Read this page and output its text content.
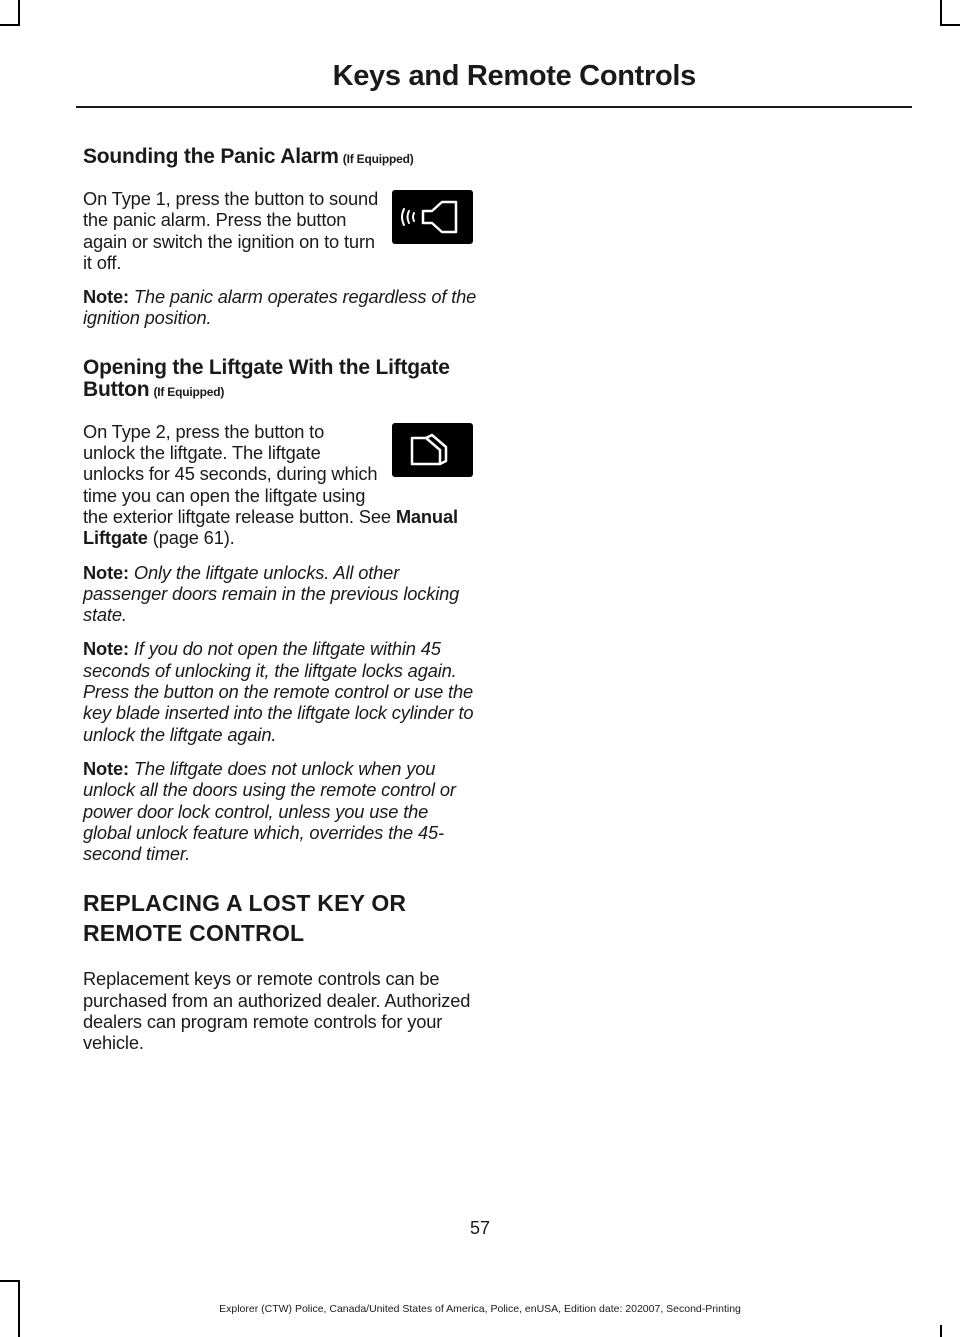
Keys and Remote Controls
Sounding the Panic Alarm (If Equipped)

On Type 1, press the button to sound the panic alarm. Press the button again or switch the ignition on to turn it off.

Note: The panic alarm operates regardless of the ignition position.

Opening the Liftgate With the Liftgate Button (If Equipped)

On Type 2, press the button to unlock the liftgate. The liftgate unlocks for 45 seconds, during which time you can open the liftgate using the exterior liftgate release button. See Manual Liftgate (page 61).

Note: Only the liftgate unlocks. All other passenger doors remain in the previous locking state.

Note: If you do not open the liftgate within 45 seconds of unlocking it, the liftgate locks again. Press the button on the remote control or use the key blade inserted into the liftgate lock cylinder to unlock the liftgate again.

Note: The liftgate does not unlock when you unlock all the doors using the remote control or power door lock control, unless you use the global unlock feature which, overrides the 45-second timer.

REPLACING A LOST KEY OR
REMOTE CONTROL

Replacement keys or remote controls can be purchased from an authorized dealer. Authorized dealers can program remote controls for your vehicle.

57
Explorer (CTW) Police, Canada/United States of America, Police, enUSA, Edition date: 202007, Second-Printing
